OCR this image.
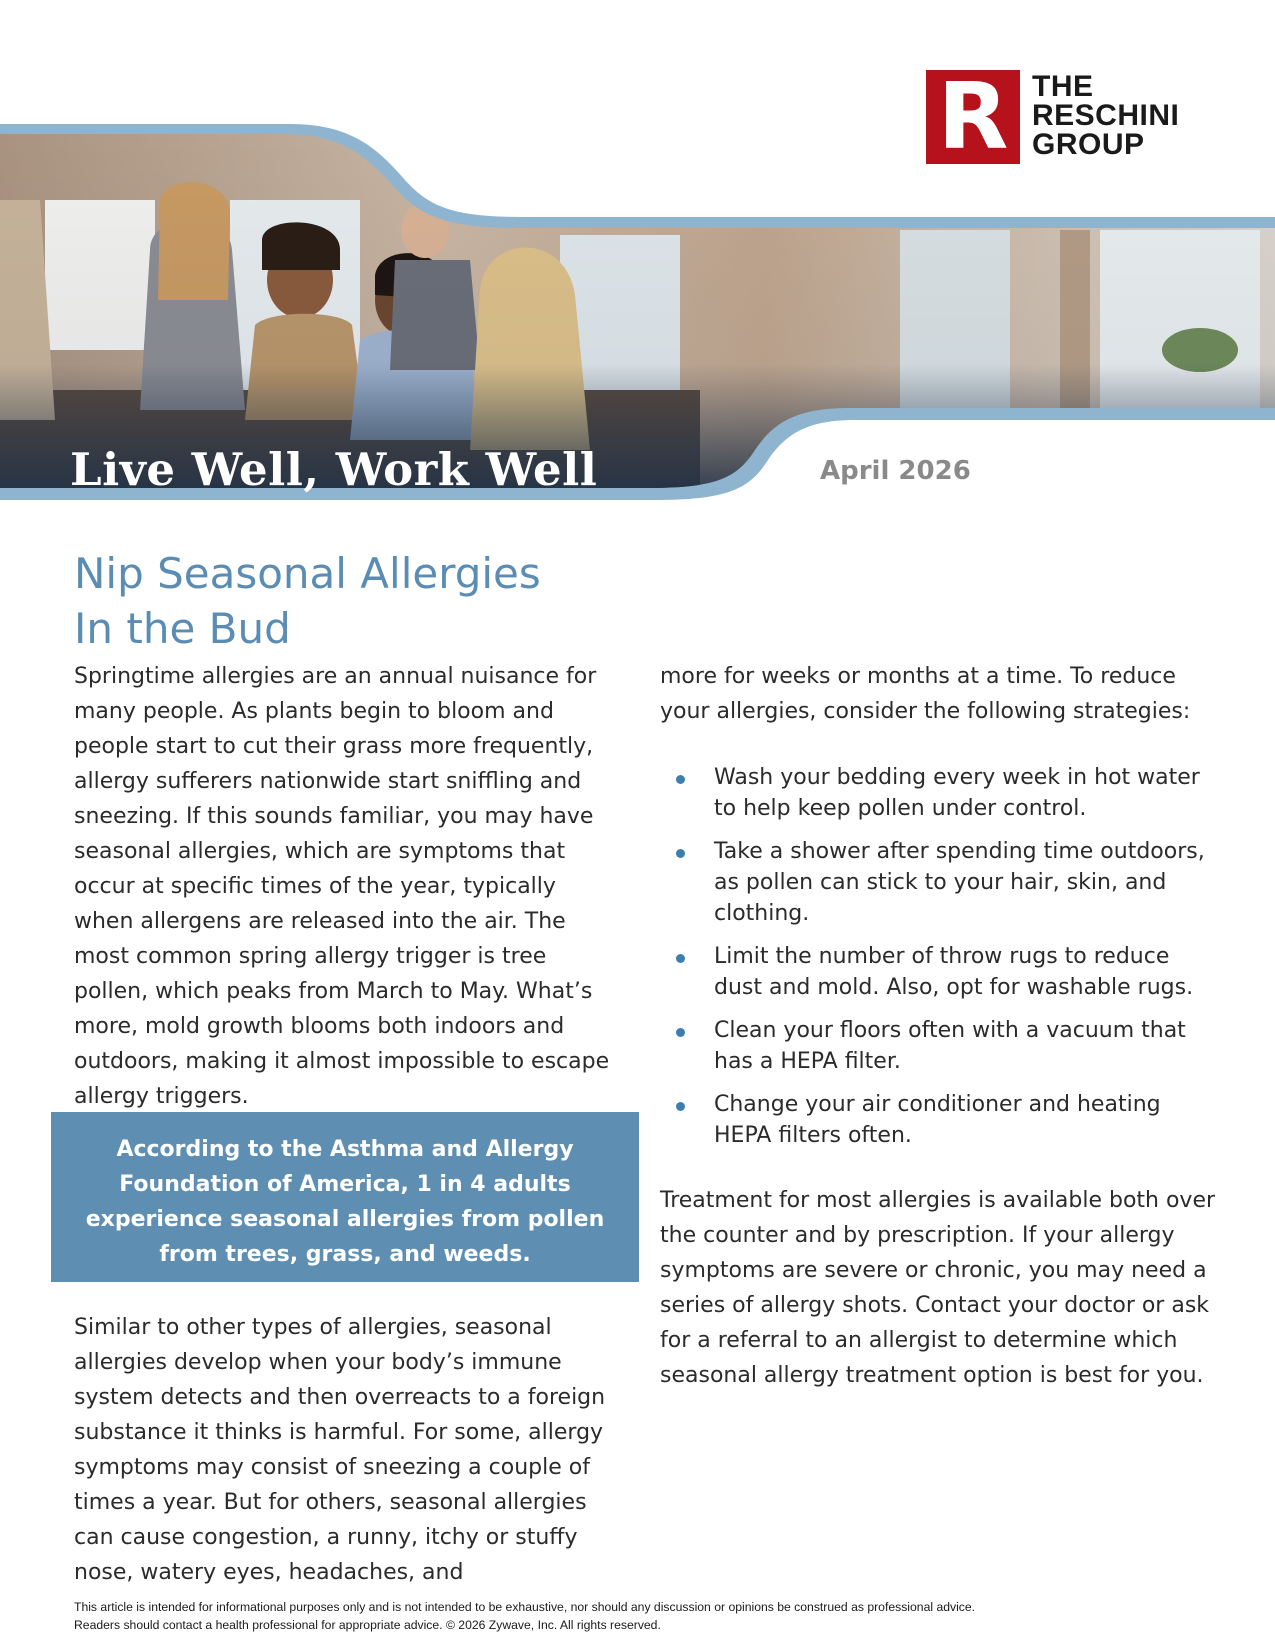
R THE
RESCHINI
GROUP
Live Well, Work Well	April 2026
Nip Seasonal Allergies
In the Bud

Springtime allergies are an annual nuisance for many people. As plants begin to bloom and people start to cut their grass more frequently, allergy sufferers nationwide start sniffling and sneezing. If this sounds familiar, you may have seasonal allergies, which are symptoms that occur at specific times of the year, typically when allergens are released into the air. The most common spring allergy trigger is tree pollen, which peaks from March to May. What’s more, mold growth blooms both indoors and outdoors, making it almost impossible to escape allergy triggers.

According to the Asthma and Allergy Foundation of America, 1 in 4 adults experience seasonal allergies from pollen from trees, grass, and weeds.

Similar to other types of allergies, seasonal allergies develop when your body’s immune system detects and then overreacts to a foreign substance it thinks is harmful. For some, allergy symptoms may consist of sneezing a couple of times a year. But for others, seasonal allergies can cause congestion, a runny, itchy or stuffy nose, watery eyes, headaches, and

more for weeks or months at a time. To reduce your allergies, consider the following strategies:

Wash your bedding every week in hot water to help keep pollen under control.
Take a shower after spending time outdoors, as pollen can stick to your hair, skin, and clothing.
Limit the number of throw rugs to reduce dust and mold. Also, opt for washable rugs.
Clean your floors often with a vacuum that has a HEPA filter.
Change your air conditioner and heating HEPA filters often.

Treatment for most allergies is available both over the counter and by prescription. If your allergy symptoms are severe or chronic, you may need a series of allergy shots. Contact your doctor or ask for a referral to an allergist to determine which seasonal allergy treatment option is best for you.

This article is intended for informational purposes only and is not intended to be exhaustive, nor should any discussion or opinions be construed as professional advice.
Readers should contact a health professional for appropriate advice. © 2026 Zywave, Inc. All rights reserved.
